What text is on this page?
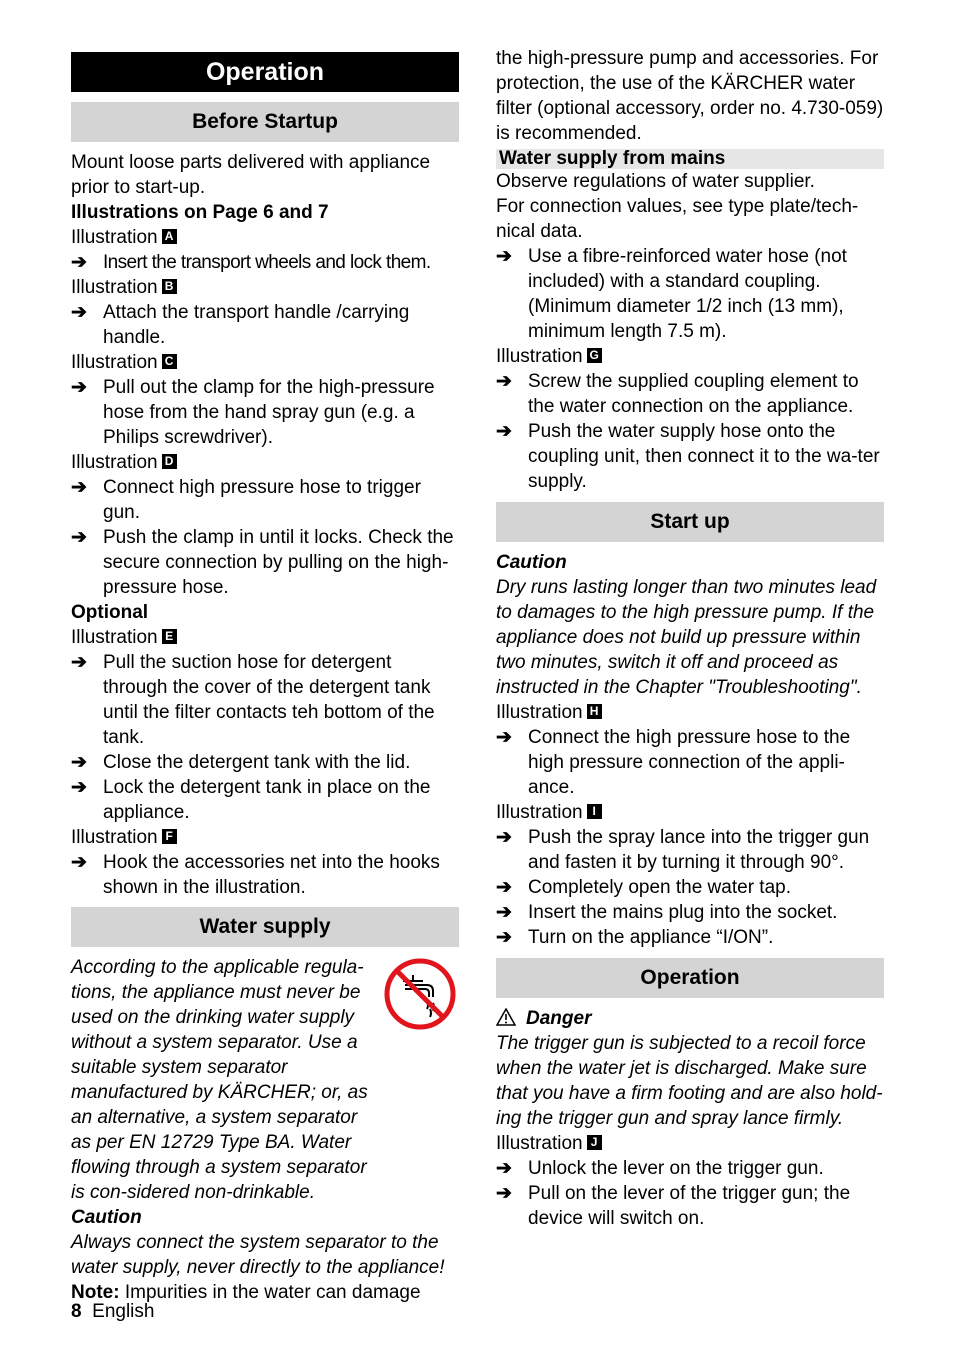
Operation
Before Startup

Mount loose parts delivered with appliance prior to start-up.

Illustrations on Page 6 and 7

Illustration A

➔ Insert the transport wheels and lock them.

Illustration B

➔ Attach the transport handle /carrying handle.

Illustration C

➔ Pull out the clamp for the high-pressure hose from the hand spray gun (e.g. a Philips screwdriver).

Illustration D

➔ Connect high pressure hose to trigger gun.

➔ Push the clamp in until it locks. Check the secure connection by pulling on the high-pressure hose.

Optional

Illustration E

➔ Pull the suction hose for detergent through the cover of the detergent tank until the filter contacts teh bottom of the tank.

➔ Close the detergent tank with the lid.

➔ Lock the detergent tank in place on the appliance.

Illustration F

➔ Hook the accessories net into the hooks shown in the illustration.

Water supply

According to the applicable regula-tions, the appliance must never be used on the drinking water supply without a system separator. Use a suitable system separator manufactured by KÄRCHER; or, as an alternative, a system separator as per EN 12729 Type BA. Water flowing through a system separator is con-sidered non-drinkable.

Caution

Always connect the system separator to the water supply, never directly to the appliance!

Note: Impurities in the water can damage

the high-pressure pump and accessories. For protection, the use of the KÄRCHER water filter (optional accessory, order no. 4.730-059) is recommended.

Water supply from mains

Observe regulations of water supplier.

For connection values, see type plate/tech-nical data.

➔ Use a fibre-reinforced water hose (not included) with a standard coupling. (Minimum diameter 1/2 inch (13 mm), minimum length 7.5 m).

Illustration G

➔ Screw the supplied coupling element to the water connection on the appliance.

➔ Push the water supply hose onto the coupling unit, then connect it to the wa-ter supply.

Start up

Caution

Dry runs lasting longer than two minutes lead to damages to the high pressure pump. If the appliance does not build up pressure within two minutes, switch it off and proceed as instructed in the Chapter "Troubleshooting".

Illustration H

➔ Connect the high pressure hose to the high pressure connection of the appli-ance.

Illustration I

➔ Push the spray lance into the trigger gun and fasten it by turning it through 90°.

➔ Completely open the water tap.

➔ Insert the mains plug into the socket.

➔ Turn on the appliance “I/ON”.

Operation

Danger

The trigger gun is subjected to a recoil force when the water jet is discharged. Make sure that you have a firm footing and are also hold-ing the trigger gun and spray lance firmly.

Illustration J

➔ Unlock the lever on the trigger gun.

➔ Pull on the lever of the trigger gun; the device will switch on.

8 English
